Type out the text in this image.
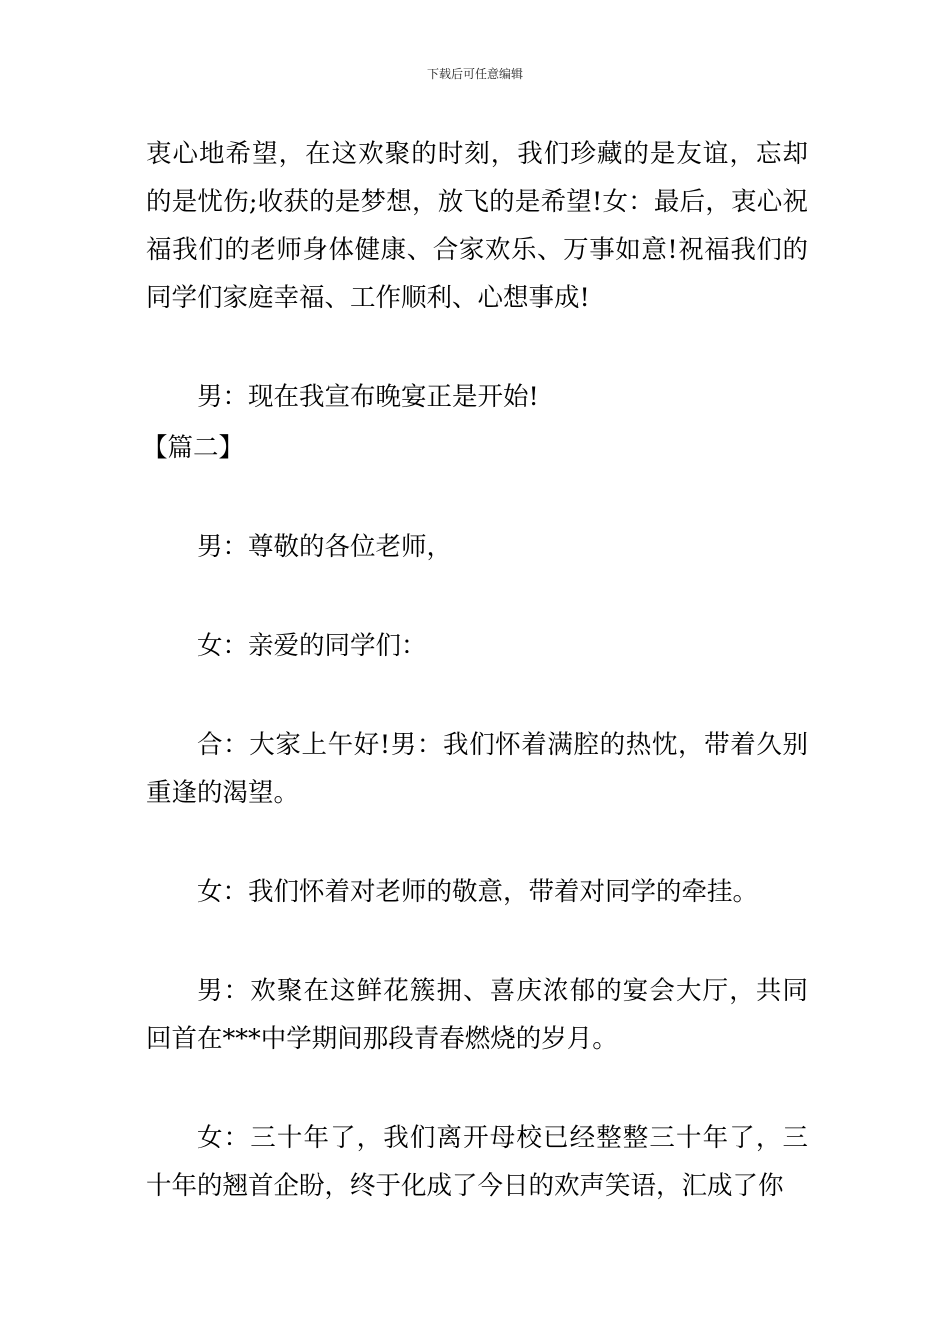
下载后可任意编辑

衷心地希望，在这欢聚的时刻，我们珍藏的是友谊，忘却的是忧伤;收获的是梦想，放飞的是希望!女：最后，衷心祝福我们的老师身体健康、合家欢乐、万事如意!祝福我们的同学们家庭幸福、工作顺利、心想事成!

男：现在我宣布晚宴正是开始!

【篇二】

男：尊敬的各位老师，

女：亲爱的同学们：

合：大家上午好!男：我们怀着满腔的热忱，带着久别重逢的渴望。

女：我们怀着对老师的敬意，带着对同学的牵挂。

男：欢聚在这鲜花簇拥、喜庆浓郁的宴会大厅，共同回首在***中学期间那段青春燃烧的岁月。

女：三十年了，我们离开母校已经整整三十年了，三十年的翘首企盼，终于化成了今日的欢声笑语，汇成了你
